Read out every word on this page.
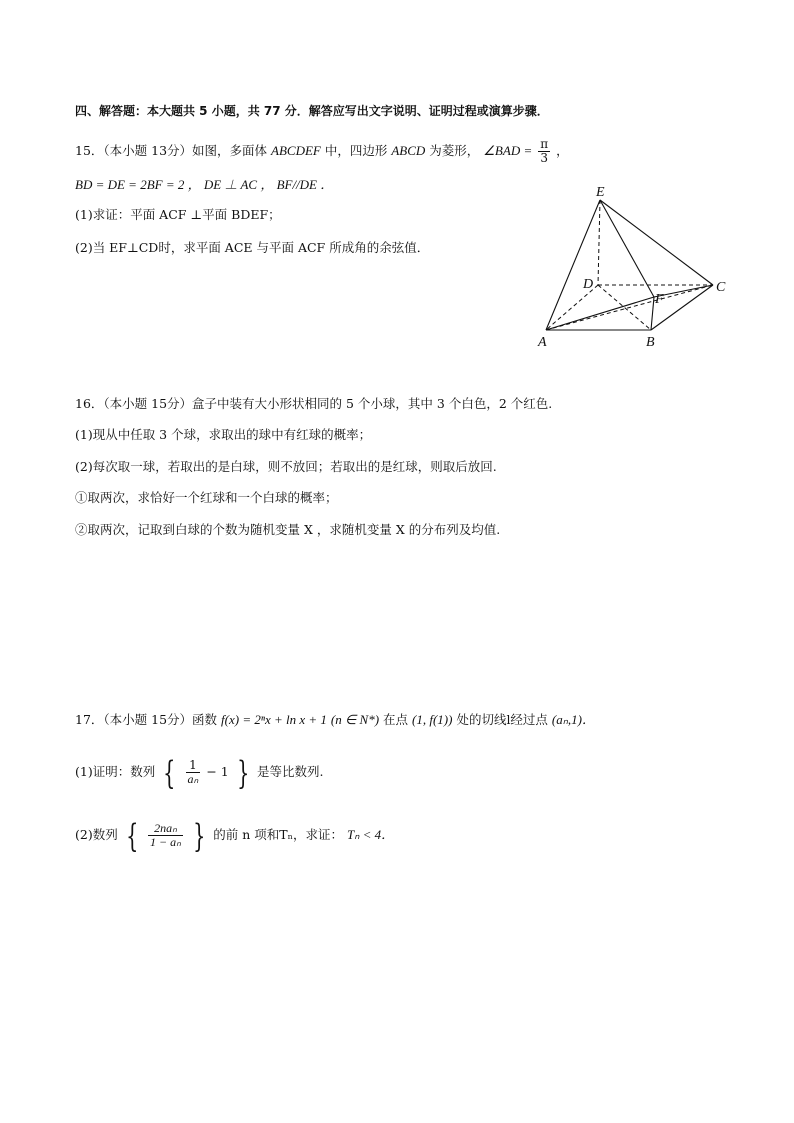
四、解答题：本大题共 5 小题，共 77 分．解答应写出文字说明、证明过程或演算步骤．
15．（本小题 13分）如图，多面体 ABCDEF 中，四边形 ABCD 为菱形， ∠BAD = $\frac{\pi}{3}$ ，
BD = DE = 2BF = 2 ， DE ⊥ AC ， BF//DE ．
(1)求证：平面 ACF ⊥平面 BDEF；
(2)当 EF⊥CD时，求平面 ACE 与平面 ACF 所成角的余弦值．
E
D	C
F
A	B
16．（本小题 15分）盒子中装有大小形状相同的 5 个小球，其中 3 个白色，2 个红色.
(1)现从中任取 3 个球，求取出的球中有红球的概率；
(2)每次取一球，若取出的是白球，则不放回；若取出的是红球，则取后放回.
①取两次，求恰好一个红球和一个白球的概率；
②取两次，记取到白球的个数为随机变量 X ，求随机变量 X 的分布列及均值.
17．（本小题 15分）函数 f(x) = 2ⁿx + ln x + 1 (n ∈ N*) 在点 (1, f(1)) 处的切线l经过点 (aₙ,1)．
(1)证明：数列 { $\frac{1}{\text{aₙ}} - 1$ } 是等比数列.
(2)数列 { $\frac{\text{2naₙ}}{\text{1 − aₙ}}$ } 的前 n 项和Tₙ，求证： Tₙ < 4．
